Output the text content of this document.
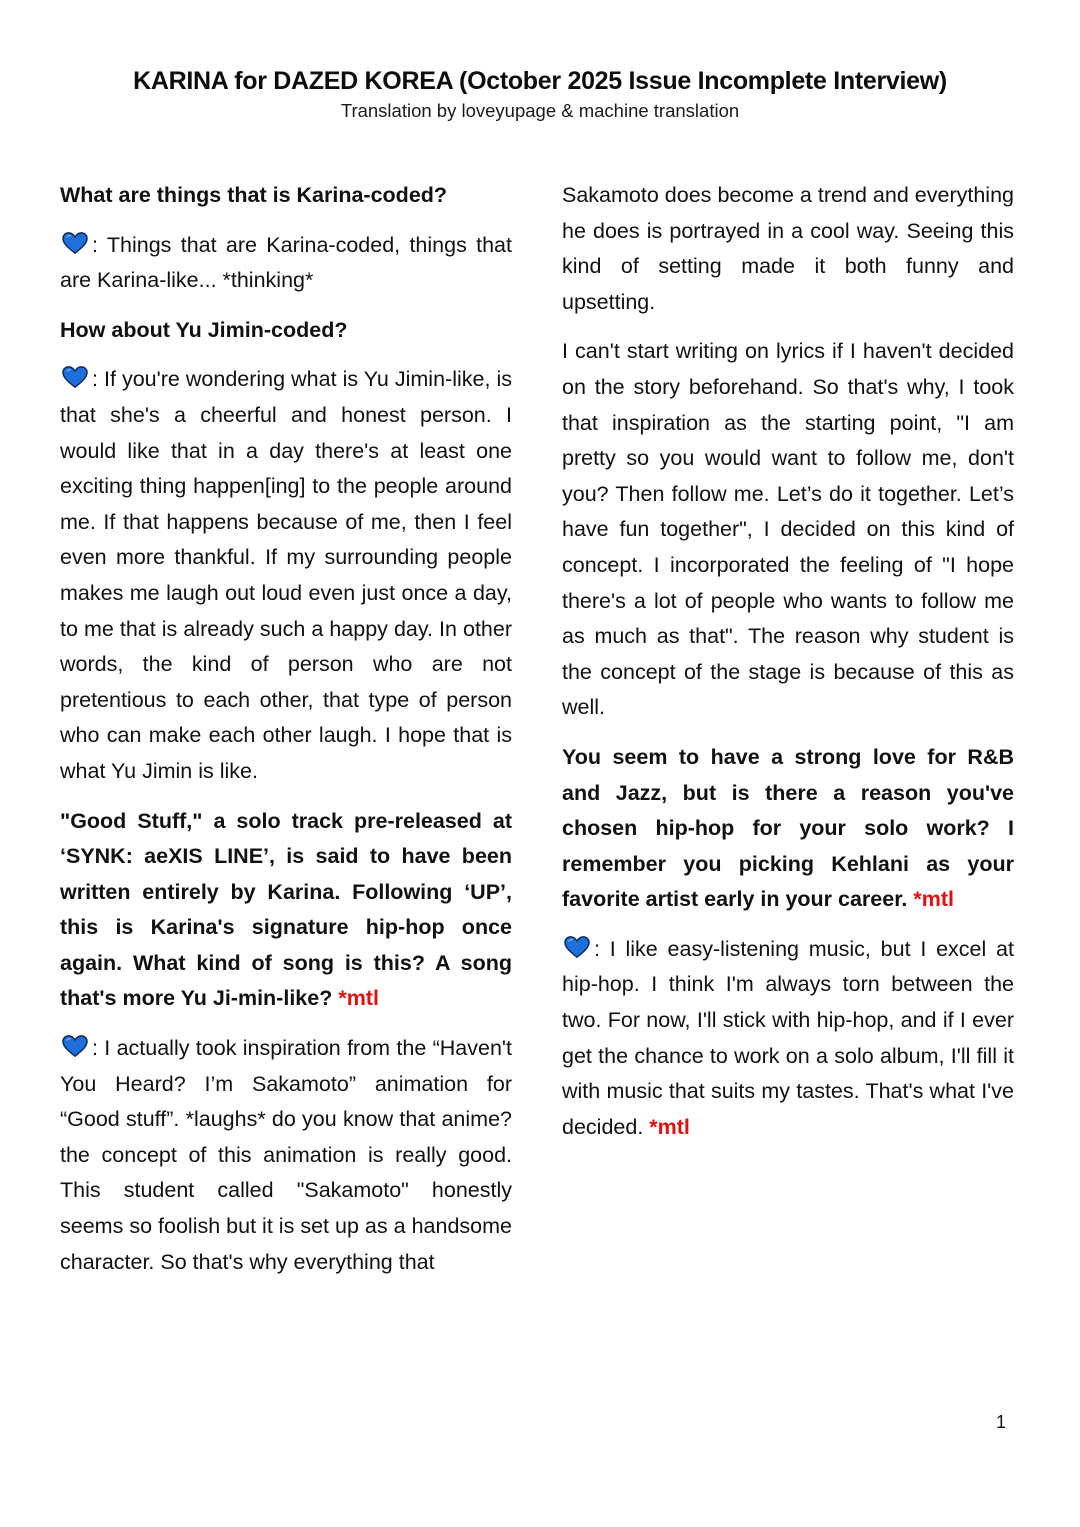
KARINA for DAZED KOREA (October 2025 Issue Incomplete Interview)
Translation by loveyupage & machine translation

What are things that is Karina-coded?

: Things that are Karina-coded, things that are Karina-like... *thinking*

How about Yu Jimin-coded?

: If you're wondering what is Yu Jimin-like, is that she's a cheerful and honest person. I would like that in a day there's at least one exciting thing happen[ing] to the people around me. If that happens because of me, then I feel even more thankful. If my surrounding people makes me laugh out loud even just once a day, to me that is already such a happy day. In other words, the kind of person who are not pretentious to each other, that type of person who can make each other laugh. I hope that is what Yu Jimin is like.

"Good Stuff," a solo track pre-released at ‘SYNK: aeXIS LINE’, is said to have been written entirely by Karina. Following ‘UP’, this is Karina's signature hip-hop once again. What kind of song is this? A song that's more Yu Ji-min-like? *mtl

: I actually took inspiration from the “Haven't You Heard? I’m Sakamoto” animation for “Good stuff”. *laughs* do you know that anime? the concept of this animation is really good. This student called "Sakamoto" honestly seems so foolish but it is set up as a handsome character. So that's why everything that

Sakamoto does become a trend and everything he does is portrayed in a cool way. Seeing this kind of setting made it both funny and upsetting.

I can't start writing on lyrics if I haven't decided on the story beforehand. So that's why, I took that inspiration as the starting point, "I am pretty so you would want to follow me, don't you? Then follow me. Let’s do it together. Let’s have fun together", I decided on this kind of concept. I incorporated the feeling of "I hope there's a lot of people who wants to follow me as much as that". The reason why student is the concept of the stage is because of this as well.

You seem to have a strong love for R&B and Jazz, but is there a reason you've chosen hip-hop for your solo work? I remember you picking Kehlani as your favorite artist early in your career. *mtl

: I like easy-listening music, but I excel at hip-hop. I think I'm always torn between the two. For now, I'll stick with hip-hop, and if I ever get the chance to work on a solo album, I'll fill it with music that suits my tastes. That's what I've decided. *mtl

1
